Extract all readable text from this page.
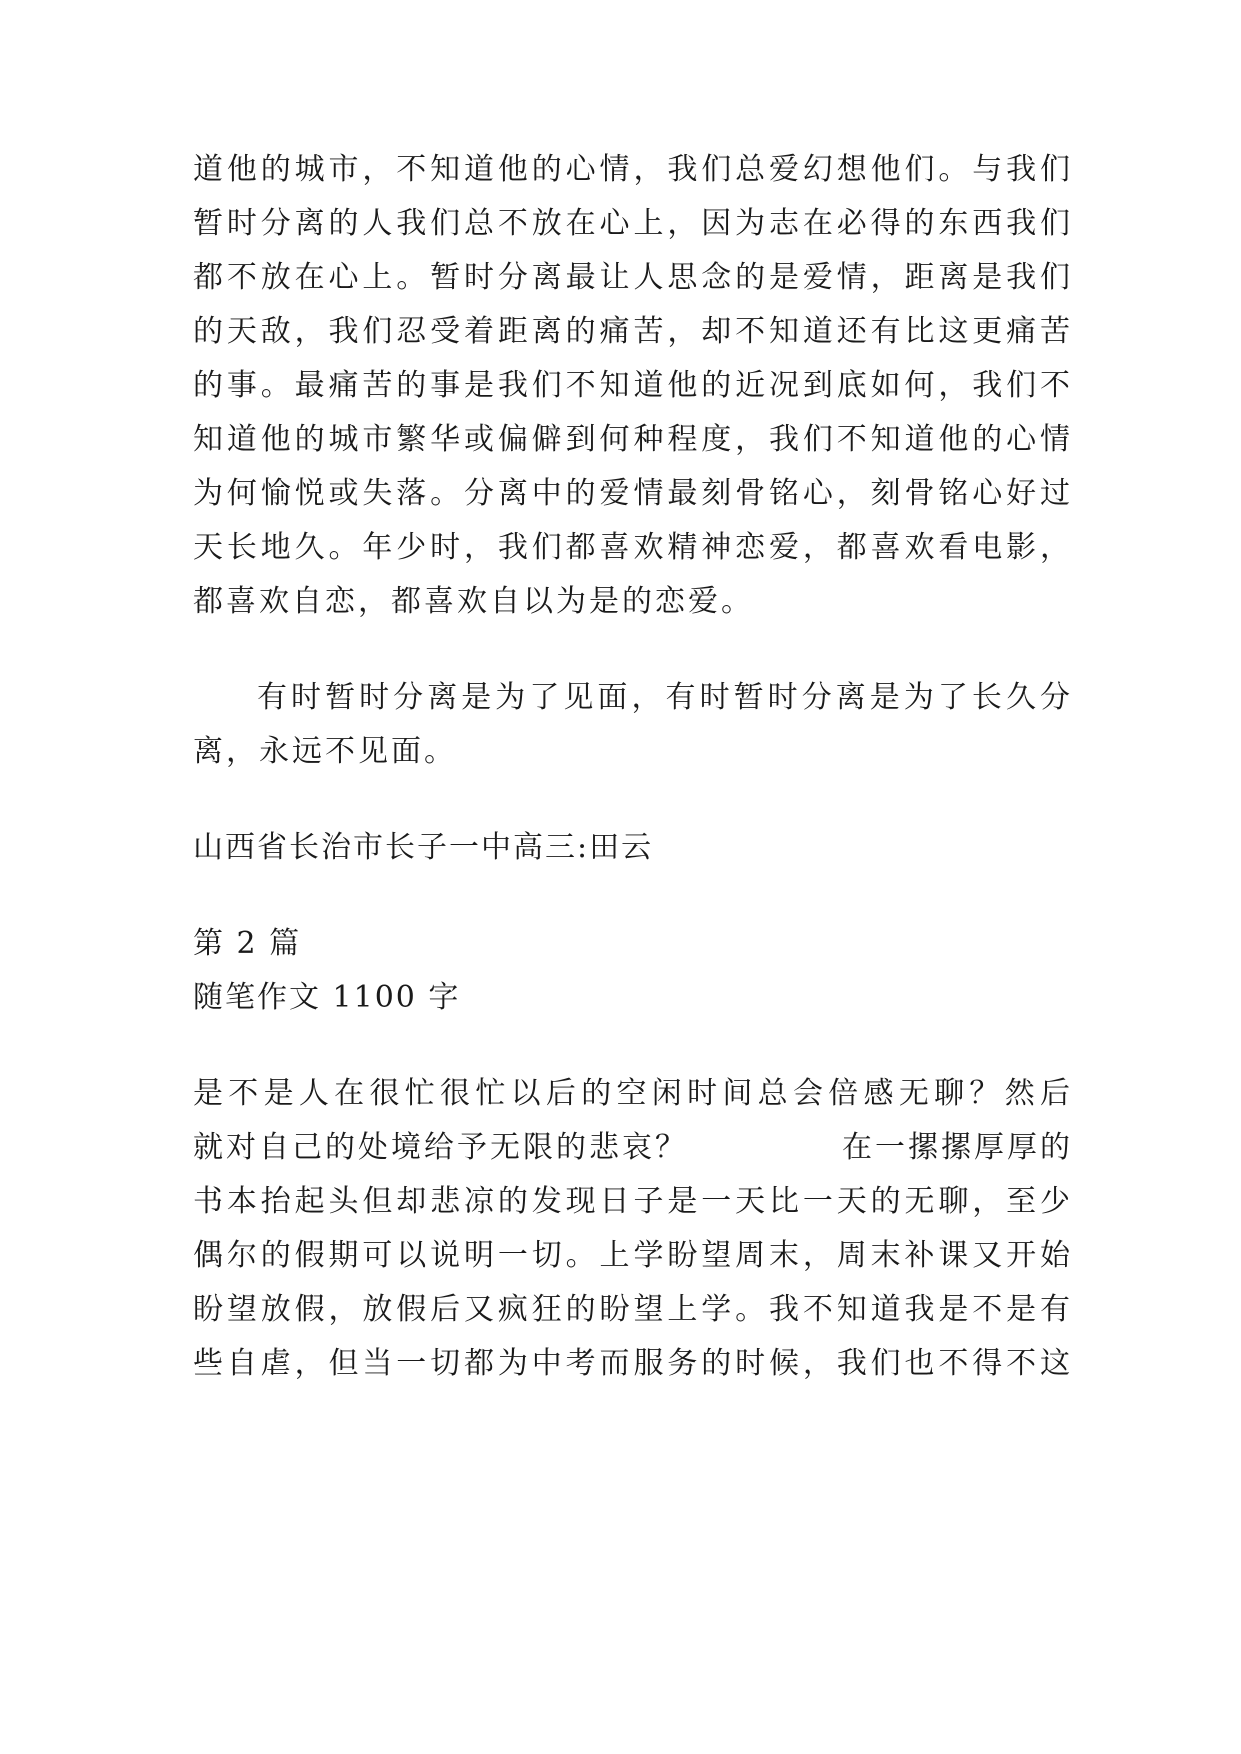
道他的城市，不知道他的心情，我们总爱幻想他们。与我们
暂时分离的人我们总不放在心上，因为志在必得的东西我们
都不放在心上。暂时分离最让人思念的是爱情，距离是我们
的天敌，我们忍受着距离的痛苦，却不知道还有比这更痛苦
的事。最痛苦的事是我们不知道他的近况到底如何，我们不
知道他的城市繁华或偏僻到何种程度，我们不知道他的心情
为何愉悦或失落。分离中的爱情最刻骨铭心，刻骨铭心好过
天长地久。年少时，我们都喜欢精神恋爱，都喜欢看电影，
都喜欢自恋，都喜欢自以为是的恋爱。
有时暂时分离是为了见面，有时暂时分离是为了长久分
离，永远不见面。
山西省长治市长子一中高三:田云
第 2 篇
随笔作文 1100 字
是不是人在很忙很忙以后的空闲时间总会倍感无聊？然后
就对自己的处境给予无限的悲哀？	在一摞摞厚厚的
书本抬起头但却悲凉的发现日子是一天比一天的无聊，至少
偶尔的假期可以说明一切。上学盼望周末，周末补课又开始
盼望放假，放假后又疯狂的盼望上学。我不知道我是不是有
些自虐，但当一切都为中考而服务的时候，我们也不得不这
